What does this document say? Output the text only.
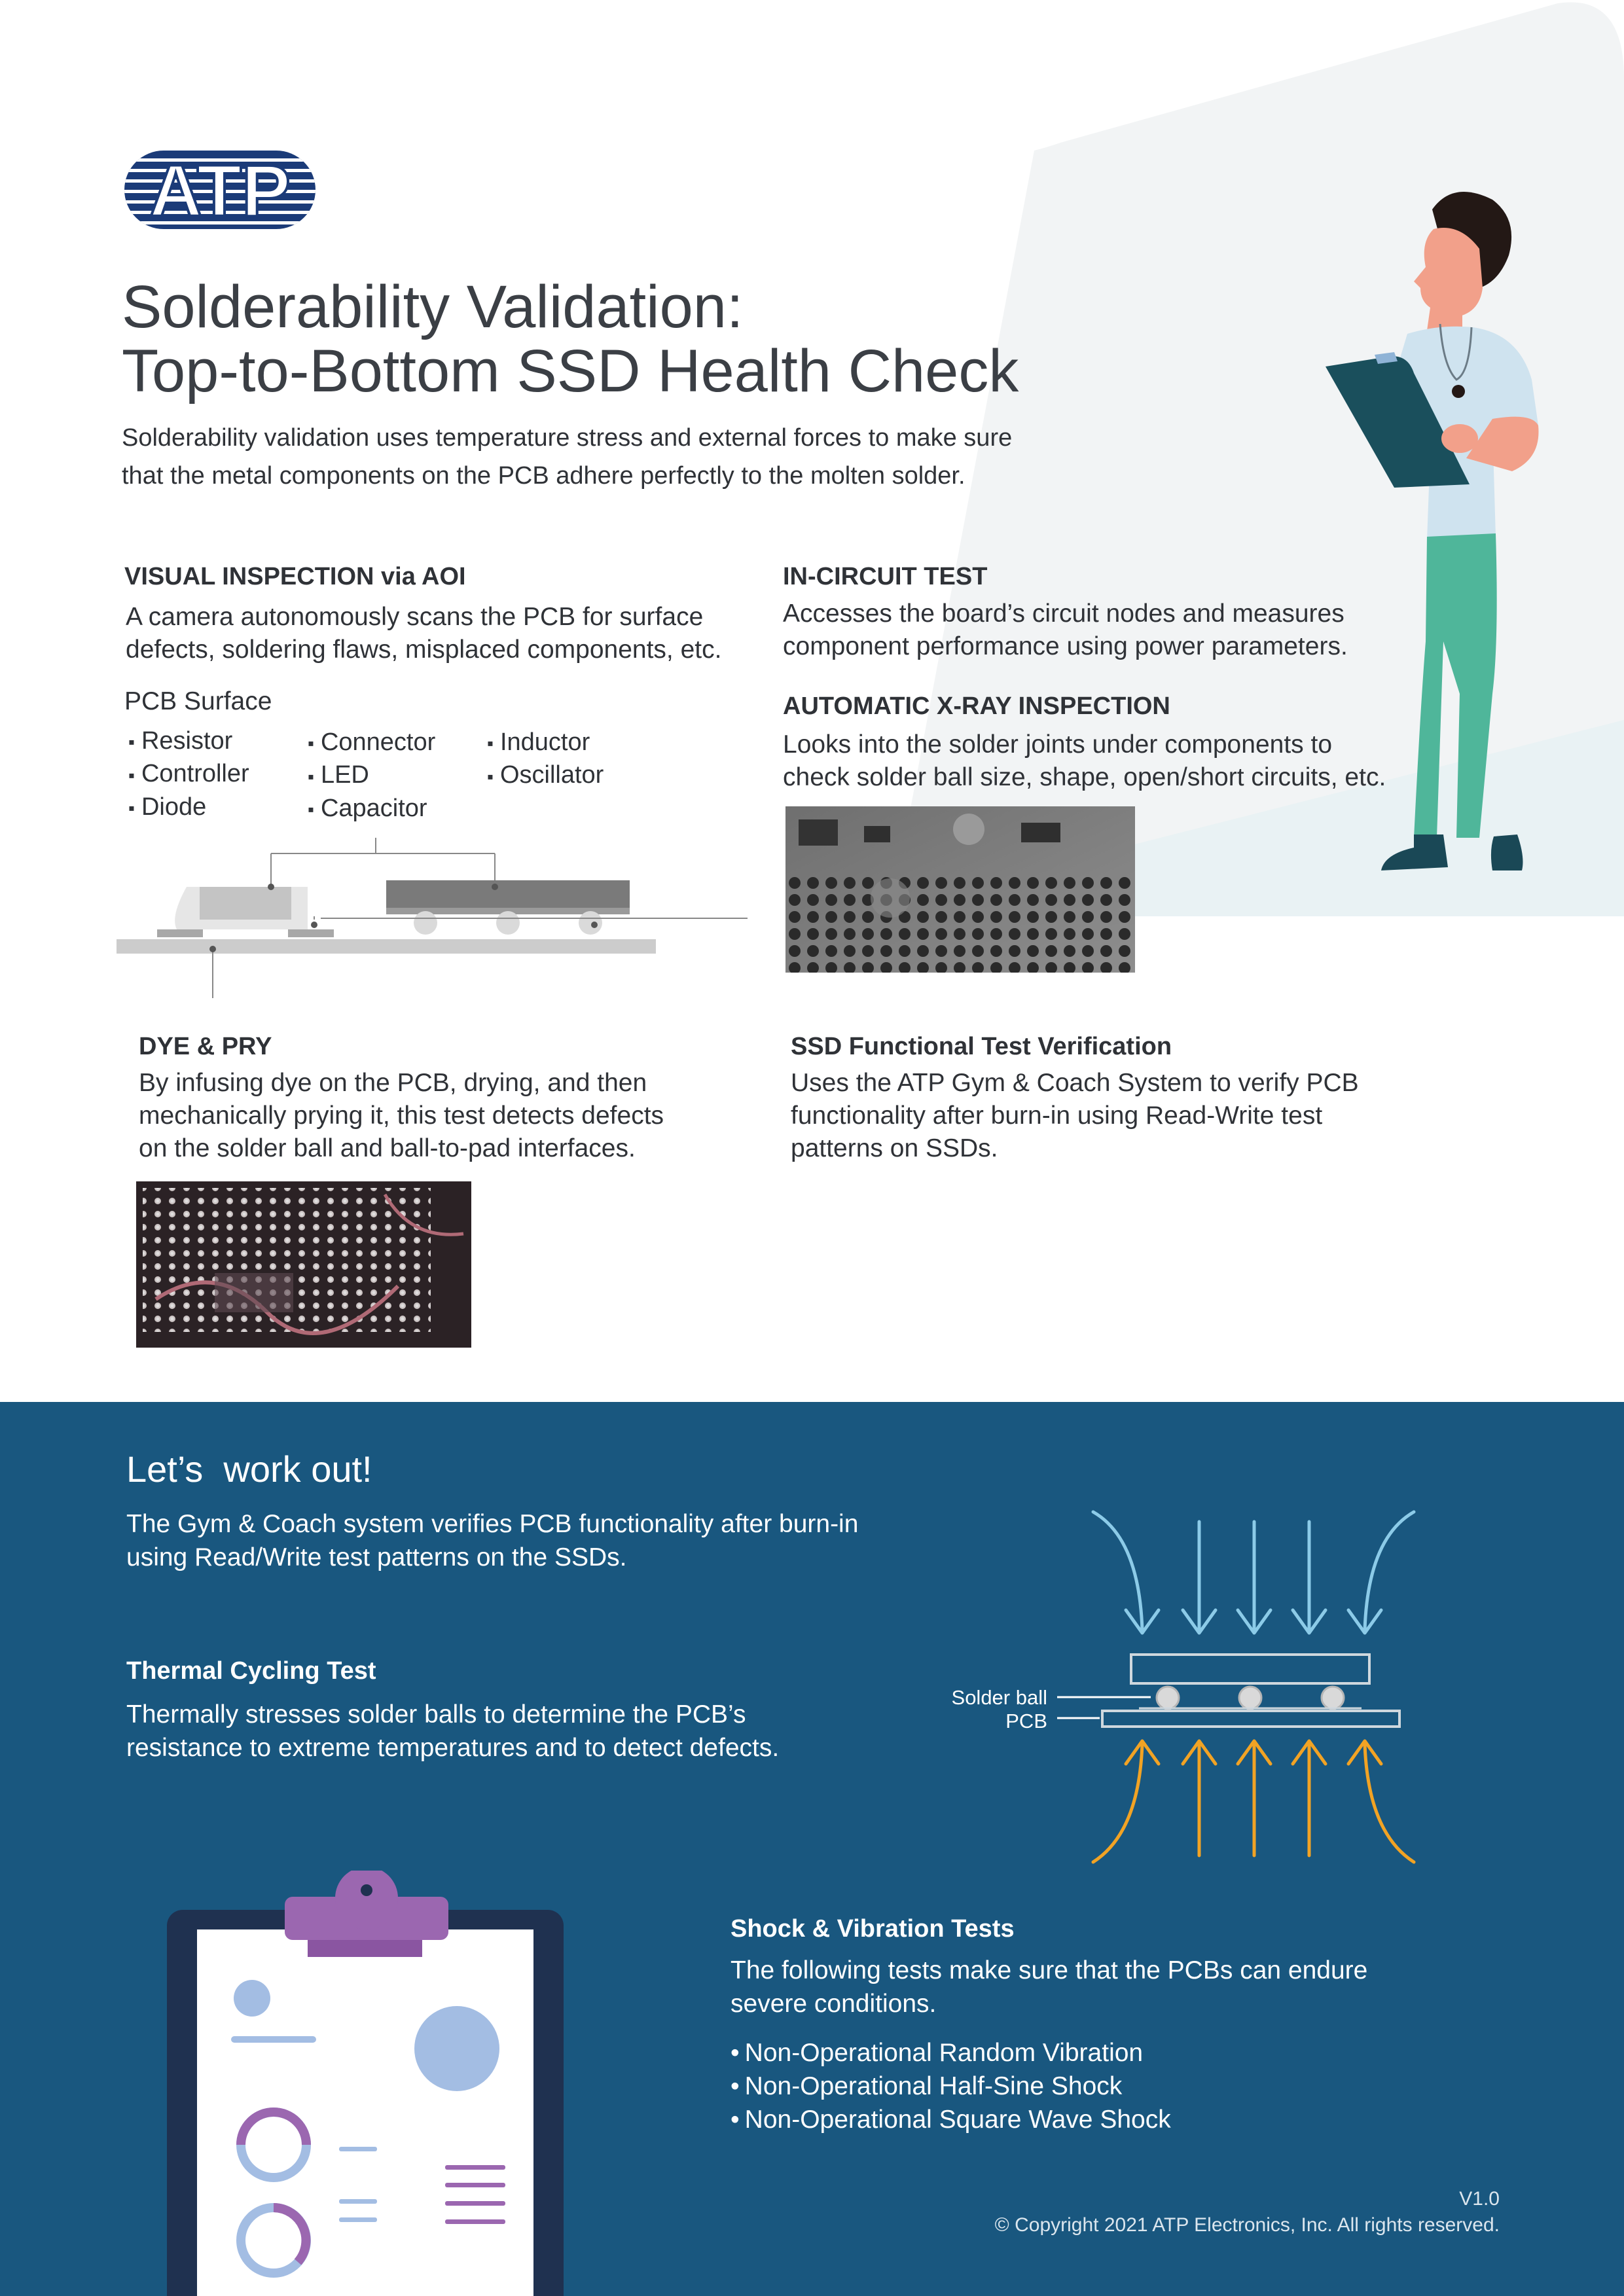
ATP
Solderability Validation:
Top-to-Bottom SSD Health Check
Solderability validation uses temperature stress and external forces to make sure
that the metal components on the PCB adhere perfectly to the molten solder.
VISUAL INSPECTION via AOI
A camera autonomously scans the PCB for surface
defects, soldering flaws, misplaced components, etc.
PCB Surface
▪ Resistor
▪ Controller
▪ Diode
▪ Connector
▪ LED
▪ Capacitor
▪ Inductor
▪ Oscillator
IN-CIRCUIT TEST
Accesses the board’s circuit nodes and measures
component performance using power parameters.
AUTOMATIC X-RAY INSPECTION
Looks into the solder joints under components to
check solder ball size, shape, open/short circuits, etc.
DYE & PRY
By infusing dye on the PCB, drying, and then
mechanically prying it, this test detects defects
on the solder ball and ball-to-pad interfaces.
SSD Functional Test Verification
Uses the ATP Gym & Coach System to verify PCB
functionality after burn-in using Read-Write test
patterns on SSDs.
Let’s  work out!
The Gym & Coach system verifies PCB functionality after burn-in
using Read/Write test patterns on the SSDs.
Thermal Cycling Test
Thermally stresses solder balls to determine the PCB’s
resistance to extreme temperatures and to detect defects.
Solder ball
PCB
Shock & Vibration Tests
The following tests make sure that the PCBs can endure
severe conditions.
• Non-Operational Random Vibration
• Non-Operational Half-Sine Shock
• Non-Operational Square Wave Shock
V1.0
© Copyright 2021 ATP Electronics, Inc. All rights reserved.
